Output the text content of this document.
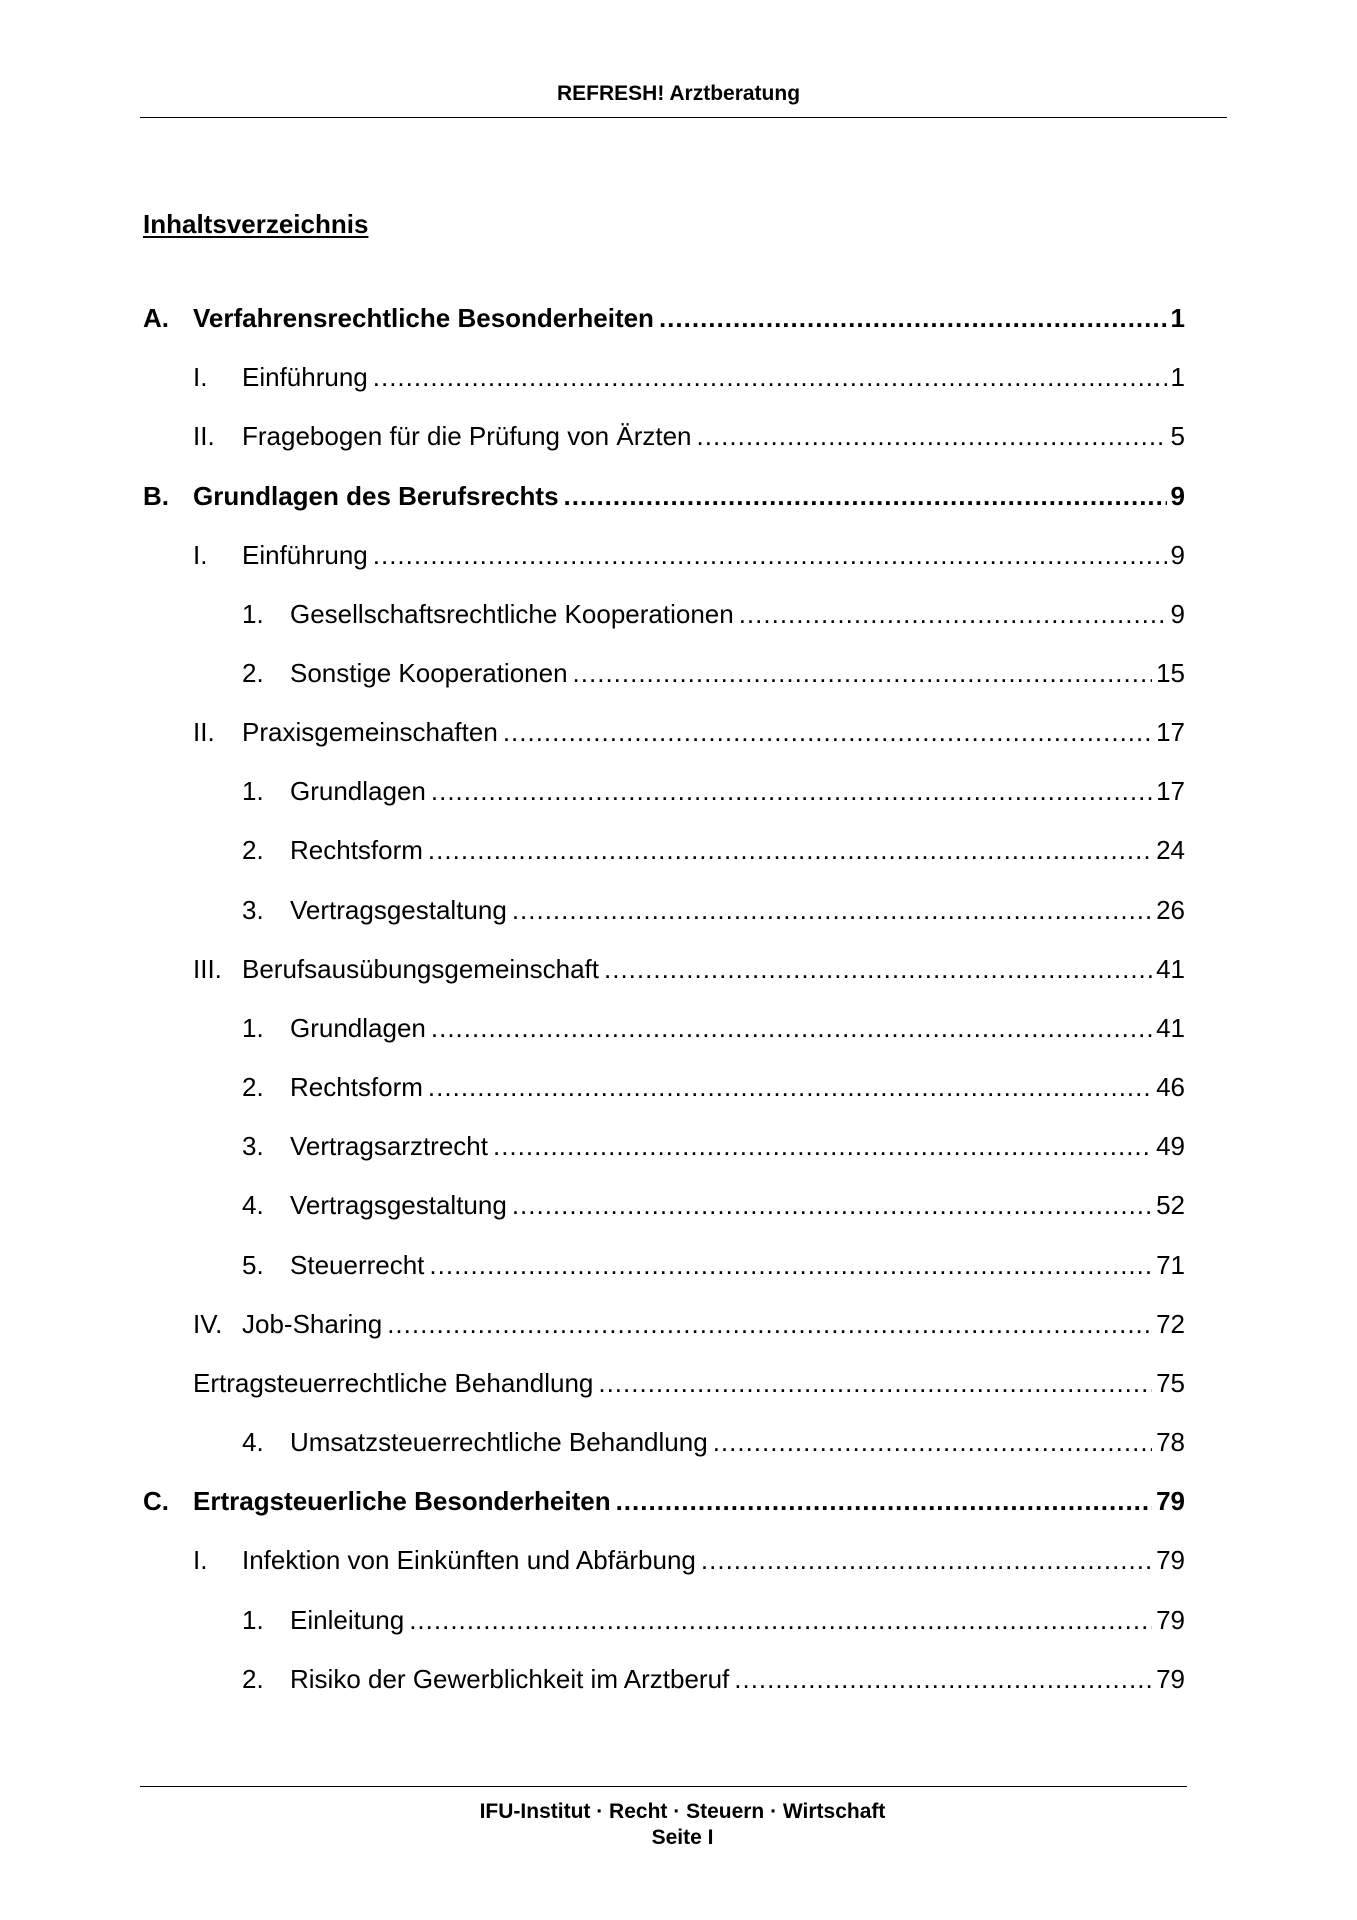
REFRESH! Arztberatung
Inhaltsverzeichnis
A. Verfahrensrechtliche Besonderheiten .....	1
I. Einführung .....	1
II. Fragebogen für die Prüfung von Ärzten .....	5
B. Grundlagen des Berufsrechts .....	9
I. Einführung .....	9
1. Gesellschaftsrechtliche Kooperationen .....	9
2. Sonstige Kooperationen .....	15
II. Praxisgemeinschaften .....	17
1. Grundlagen .....	17
2. Rechtsform .....	24
3. Vertragsgestaltung .....	26
III. Berufsausübungsgemeinschaft .....	41
1. Grundlagen .....	41
2. Rechtsform .....	46
3. Vertragsarztrecht .....	49
4. Vertragsgestaltung .....	52
5. Steuerrecht .....	71
IV. Job-Sharing .....	72
Ertragsteuerrechtliche Behandlung .....	75
4. Umsatzsteuerrechtliche Behandlung .....	78
C. Ertragsteuerliche Besonderheiten .....	79
I. Infektion von Einkünften und Abfärbung .....	79
1. Einleitung .....	79
2. Risiko der Gewerblichkeit im Arztberuf .....	79
IFU-Institut · Recht · Steuern · Wirtschaft
Seite I
